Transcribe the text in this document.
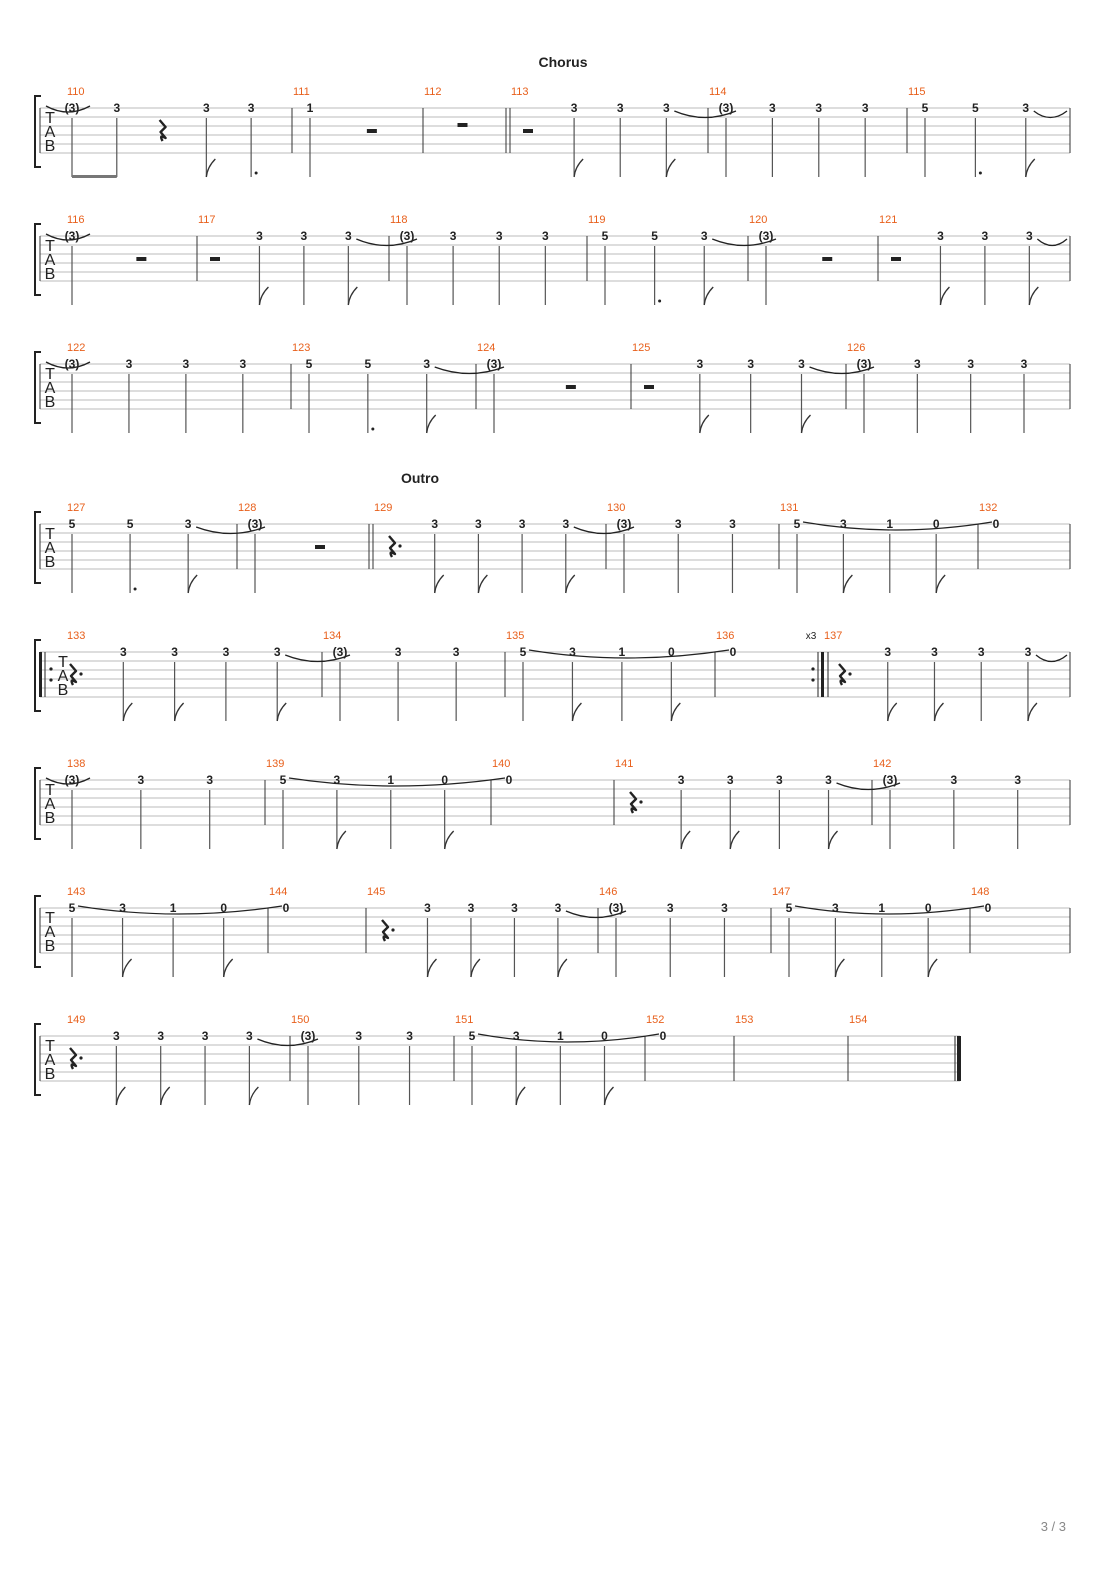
Chorus
T
A
B
110
(3)	3	3	3
111
1
112	113
3	3	3
114
(3)	3	3	3
115
5	5	3
T
A
B
116
(3)
117
3	3	3
118
(3)	3	3	3
119
5	5	3
120
(3)
121
3	3	3
T
A
B
122
(3)	3	3	3
123
5	5	3
124
(3)
125
3	3	3
126
(3)	3	3	3
Outro
T
A
B
127
5	5	3
128
(3)
129
3	3	3	3
130
(3)	3	3
131
5	3	1	0
132
0
T
A
B
133
3	3	3	3
134
(3)	3	3
135
5	3	1	0
136
0
137
x3
3	3	3	3
T
A
B
138
(3)	3	3
139
5	3	1	0
140
0
141
3	3	3	3
142
(3)	3	3
T
A
B
143
5	3	1	0
144
0
145
3	3	3	3
146
(3)	3	3
147
5	3	1	0
148
0
T
A
B
149
3	3	3	3
150
(3)	3	3
151
5	3	1	0
152
0
153	154
3 / 3
